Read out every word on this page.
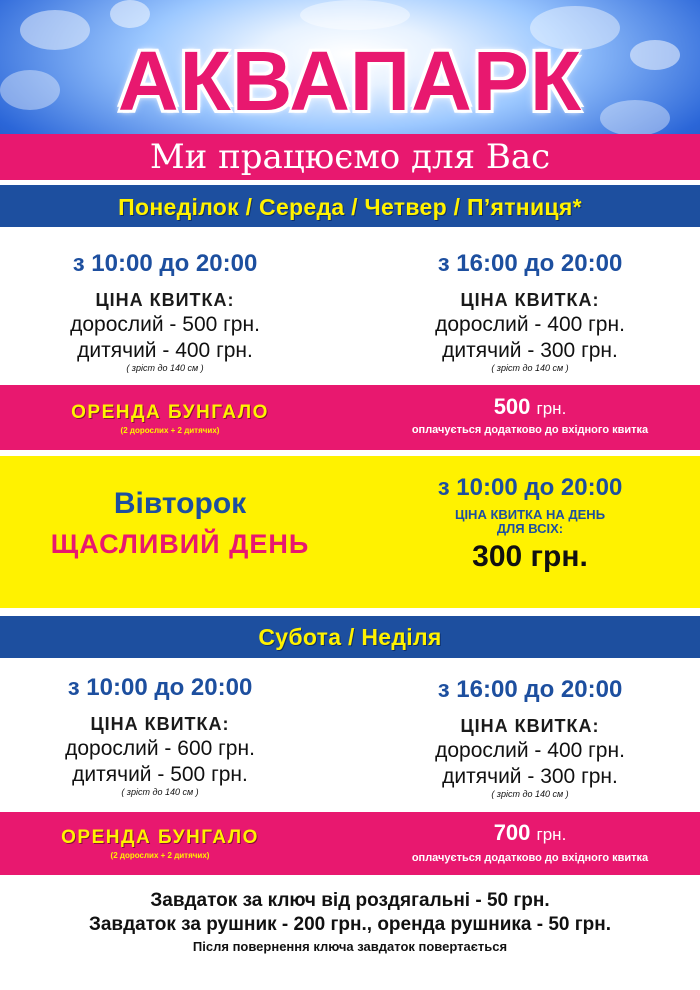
АКВАПАРК
Ми працюємо для Вас
Понеділок / Середа / Четвер / П’ятниця*
з 10:00 до 20:00
ЦІНА КВИТКА:
дорослий - 500 грн.
дитячий - 400 грн.
( зріст до 140 см )
з 16:00 до 20:00
ЦІНА КВИТКА:
дорослий - 400 грн.
дитячий - 300 грн.
( зріст до 140 см )
ОРЕНДА БУНГАЛО
(2 дорослих + 2 дитячих)
500 грн.
оплачується додатково до вхідного квитка
Вівторок
ЩАСЛИВИЙ ДЕНЬ
з 10:00 до 20:00
ЦІНА КВИТКА НА ДЕНЬ
ДЛЯ ВСІХ:
300 грн.
Субота / Неділя
з 10:00 до 20:00
ЦІНА КВИТКА:
дорослий - 600 грн.
дитячий - 500 грн.
( зріст до 140 см )
з 16:00 до 20:00
ЦІНА КВИТКА:
дорослий - 400 грн.
дитячий - 300 грн.
( зріст до 140 см )
ОРЕНДА БУНГАЛО
(2 дорослих + 2 дитячих)
700 грн.
оплачується додатково до вхідного квитка
Завдаток за ключ від роздягальні - 50 грн.
Завдаток за рушник - 200 грн., оренда рушника - 50 грн.
Після повернення ключа завдаток повертається
